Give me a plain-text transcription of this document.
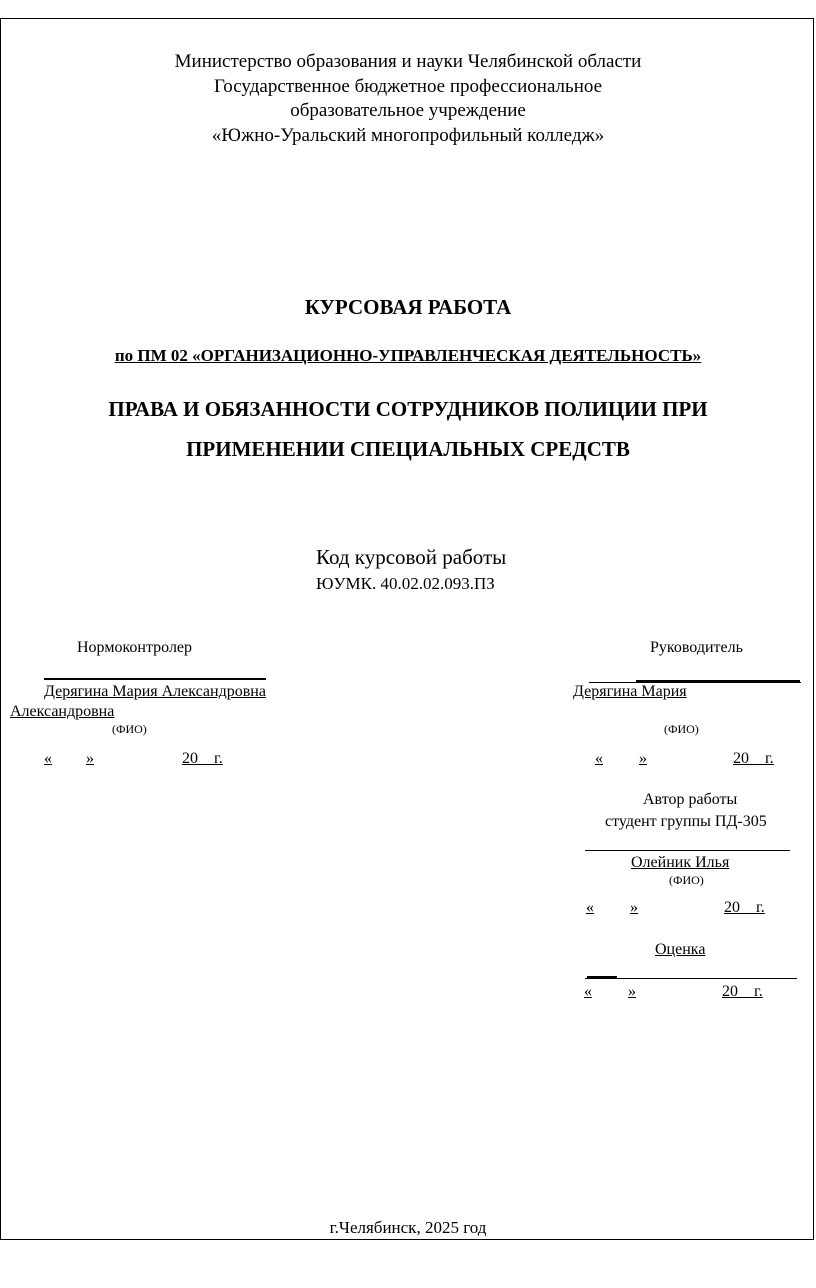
Министерство образования и науки Челябинской области
Государственное бюджетное профессиональное
образовательное учреждение
«Южно-Уральский многопрофильный колледж»
КУРСОВАЯ РАБОТА
по ПМ 02 «ОРГАНИЗАЦИОННО-УПРАВЛЕНЧЕСКАЯ ДЕЯТЕЛЬНОСТЬ»
ПРАВА И ОБЯЗАННОСТИ СОТРУДНИКОВ ПОЛИЦИИ ПРИ
ПРИМЕНЕНИИ СПЕЦИАЛЬНЫХ СРЕДСТВ
Код курсовой работы
ЮУМК. 40.02.02.093.ПЗ
Нормоконтролер
Дерягина Мария Александровна
Александровна
(ФИО)
« »	20 _ г.
Руководитель
Дерягина Мария
(ФИО)
« »	20 _ г.
Автор работы
студент группы ПД-305
Олейник Илья
(ФИО)
« »	20 _ г.
Оценка
« »	20 _ г.
г.Челябинск, 2025 год
